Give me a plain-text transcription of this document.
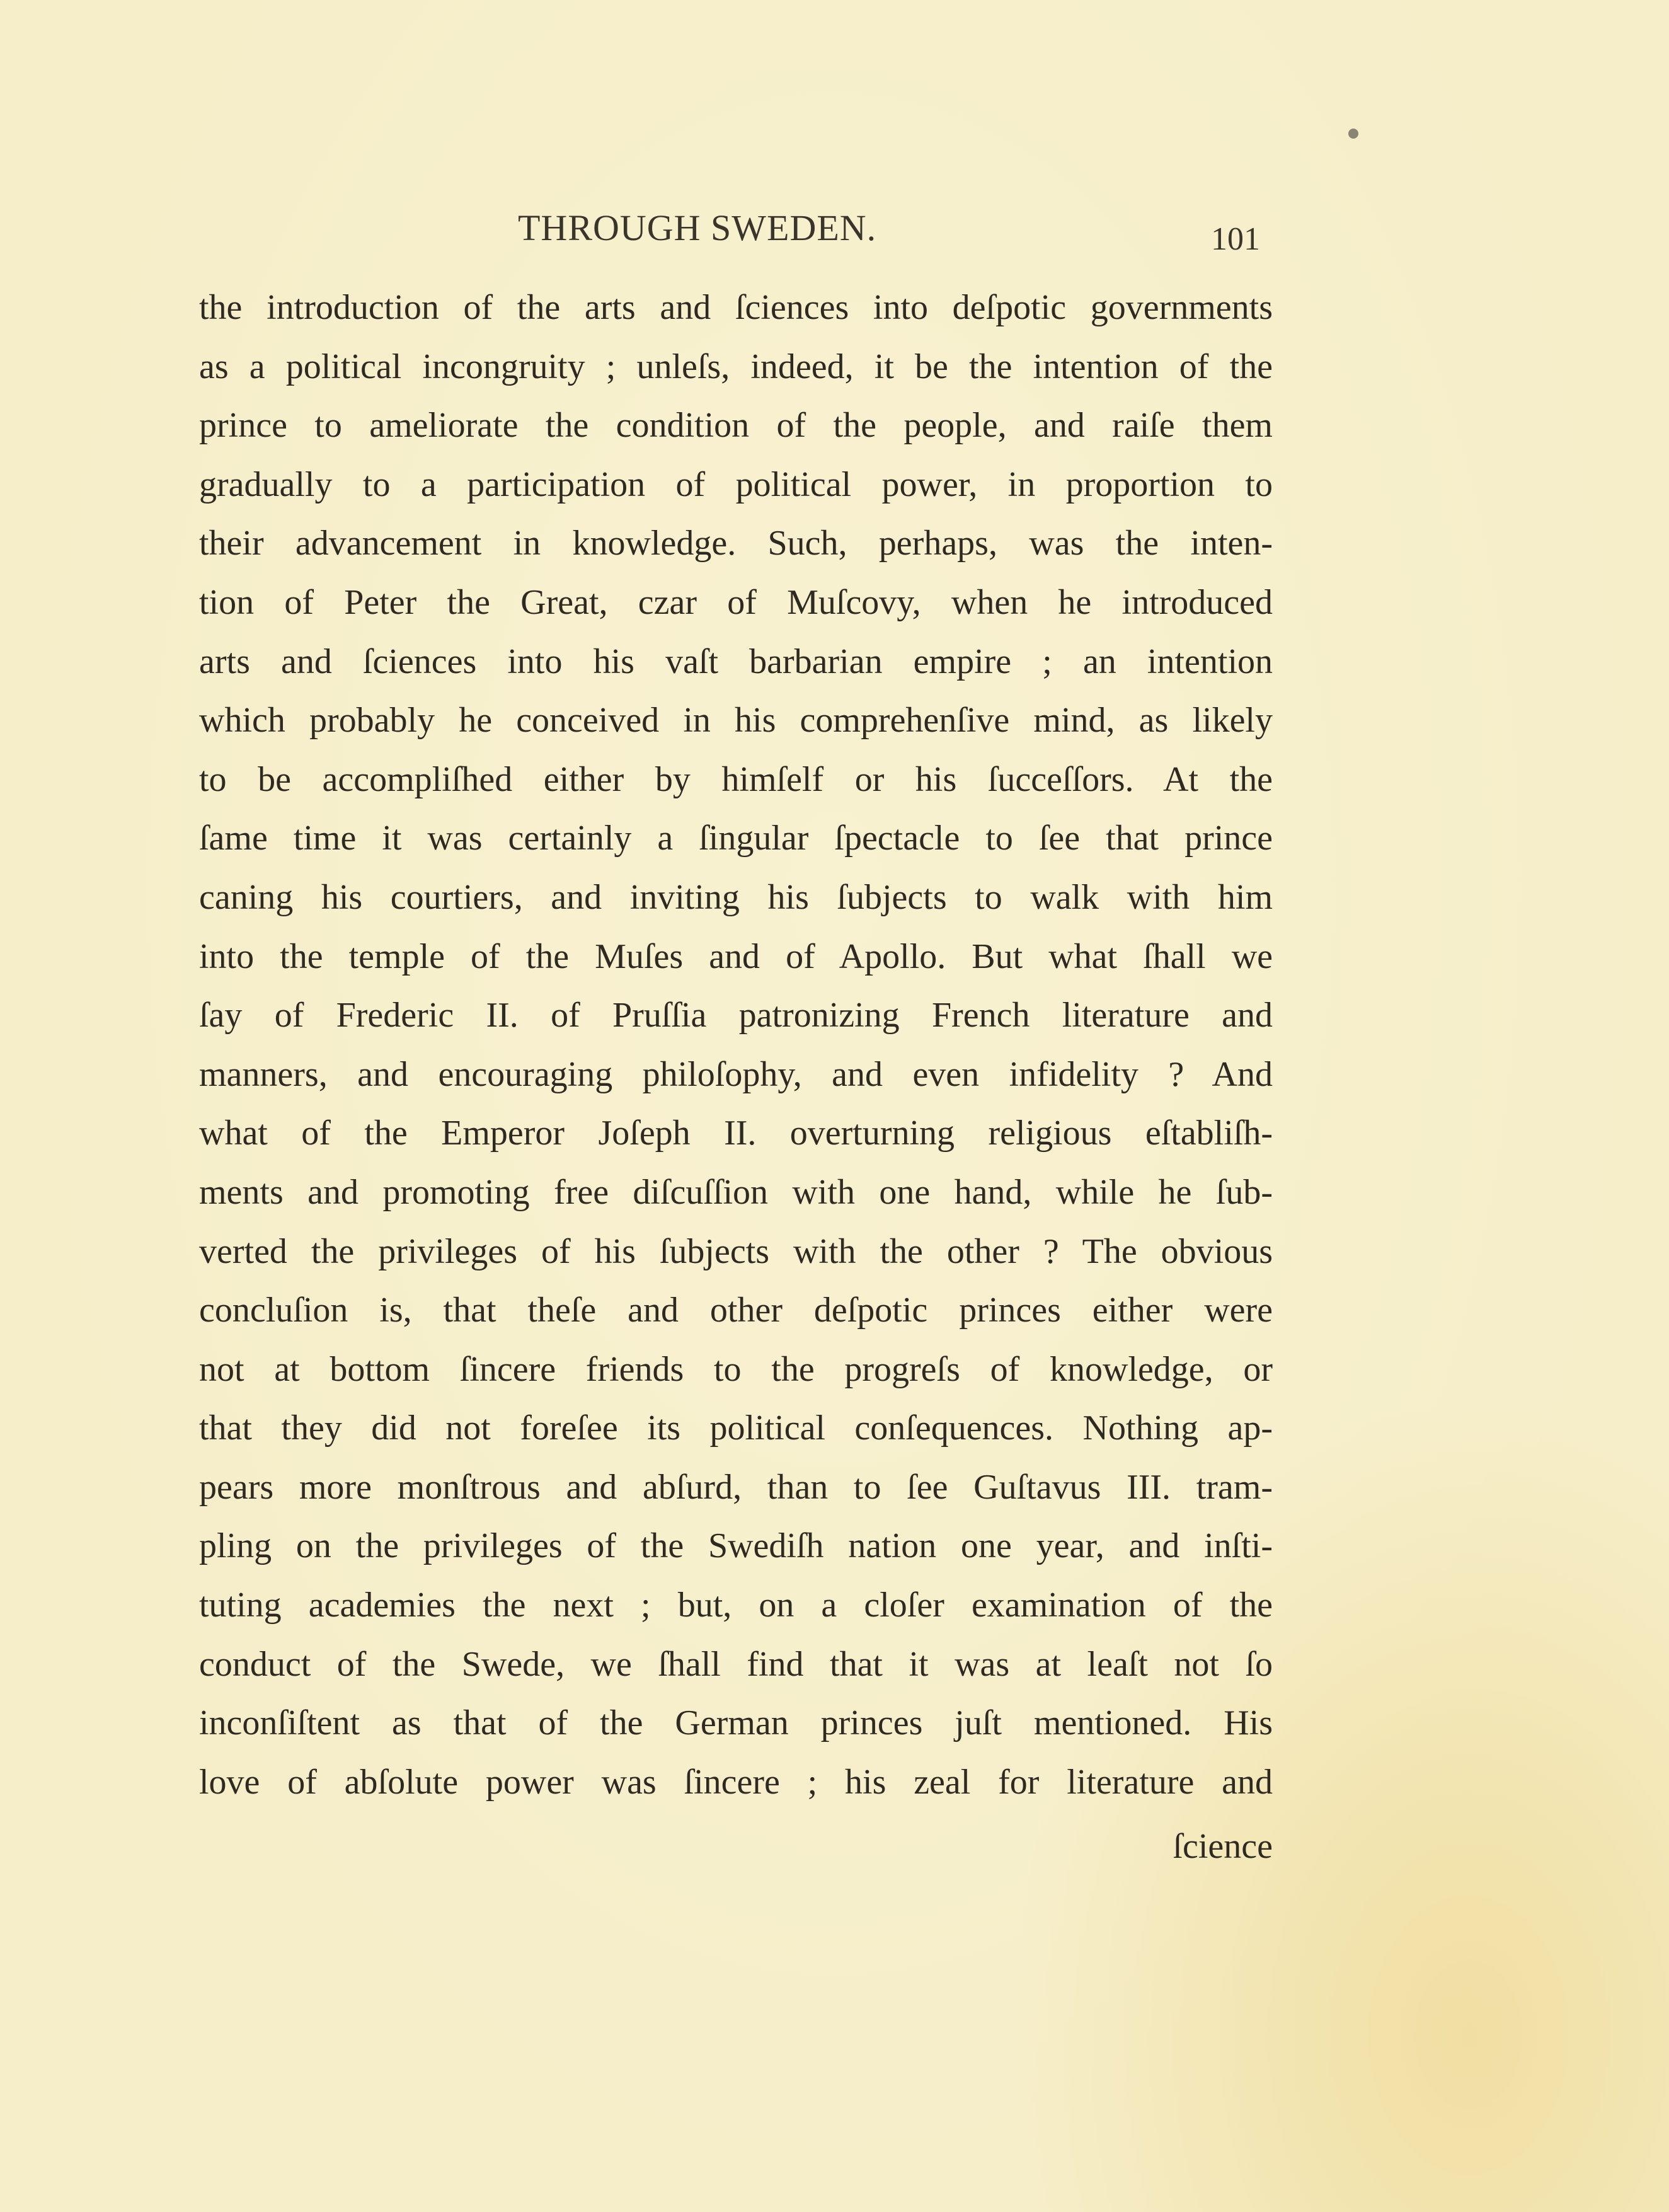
THROUGH SWEDEN.	101
the introduction of the arts and ſciences into deſpotic governments
as a political incongruity ; unleſs, indeed, it be the intention of the
prince to ameliorate the condition of the people, and raiſe them
gradually to a participation of political power, in proportion to
their advancement in knowledge. Such, perhaps, was the inten-
tion of Peter the Great, czar of Muſcovy, when he introduced
arts and ſciences into his vaſt barbarian empire ; an intention
which probably he conceived in his comprehenſive mind, as likely
to be accompliſhed either by himſelf or his ſucceſſors. At the
ſame time it was certainly a ſingular ſpectacle to ſee that prince
caning his courtiers, and inviting his ſubjects to walk with him
into the temple of the Muſes and of Apollo. But what ſhall we
ſay of Frederic II. of Pruſſia patronizing French literature and
manners, and encouraging philoſophy, and even infidelity ? And
what of the Emperor Joſeph II. overturning religious eſtabliſh-
ments and promoting free diſcuſſion with one hand, while he ſub-
verted the privileges of his ſubjects with the other ? The obvious
concluſion is, that theſe and other deſpotic princes either were
not at bottom ſincere friends to the progreſs of knowledge, or
that they did not foreſee its political conſequences. Nothing ap-
pears more monſtrous and abſurd, than to ſee Guſtavus III. tram-
pling on the privileges of the Swediſh nation one year, and inſti-
tuting academies the next ; but, on a cloſer examination of the
conduct of the Swede, we ſhall find that it was at leaſt not ſo
inconſiſtent as that of the German princes juſt mentioned. His
love of abſolute power was ſincere ; his zeal for literature and
ſcience
